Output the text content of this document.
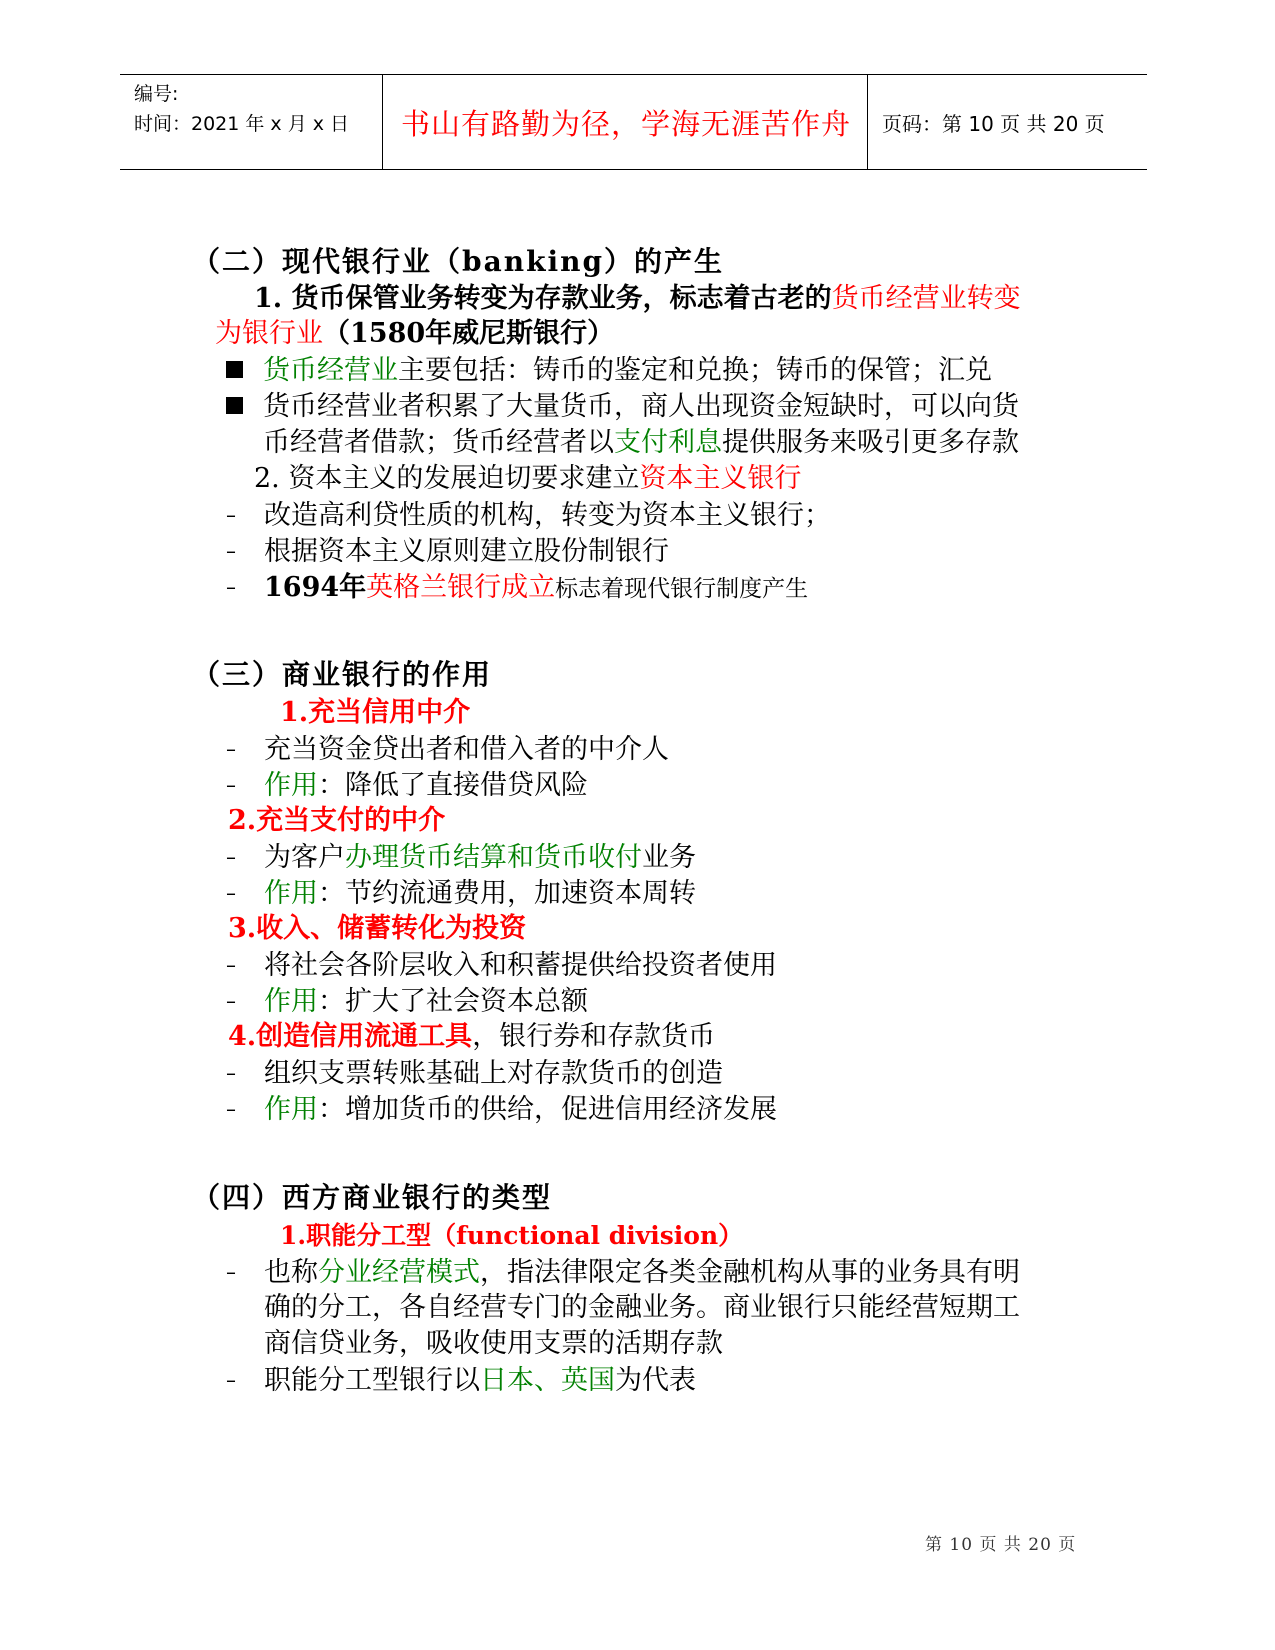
编号:
时间：2021 年 x 月 x 日	书山有路勤为径，学海无涯苦作舟	页码：第 10 页 共 20 页
（二）现代银行业（banking）的产生
1. 货币保管业务转变为存款业务，标志着古老的货币经营业转变
为银行业（1580年威尼斯银行）
货币经营业主要包括：铸币的鉴定和兑换；铸币的保管；汇兑
货币经营业者积累了大量货币，商人出现资金短缺时，可以向货
币经营者借款；货币经营者以支付利息提供服务来吸引更多存款
2. 资本主义的发展迫切要求建立资本主义银行
– 改造高利贷性质的机构，转变为资本主义银行；
– 根据资本主义原则建立股份制银行
– 1694年英格兰银行成立标志着现代银行制度产生
（三）商业银行的作用
1.充当信用中介
– 充当资金贷出者和借入者的中介人
– 作用：降低了直接借贷风险
2.充当支付的中介
– 为客户办理货币结算和货币收付业务
– 作用：节约流通费用，加速资本周转
3.收入、储蓄转化为投资
– 将社会各阶层收入和积蓄提供给投资者使用
– 作用：扩大了社会资本总额
4.创造信用流通工具，银行券和存款货币
– 组织支票转账基础上对存款货币的创造
– 作用：增加货币的供给，促进信用经济发展
（四）西方商业银行的类型
1.职能分工型（functional division）
– 也称分业经营模式，指法律限定各类金融机构从事的业务具有明
确的分工，各自经营专门的金融业务。商业银行只能经营短期工
商信贷业务，吸收使用支票的活期存款
– 职能分工型银行以日本、英国为代表
第 10 页 共 20 页
